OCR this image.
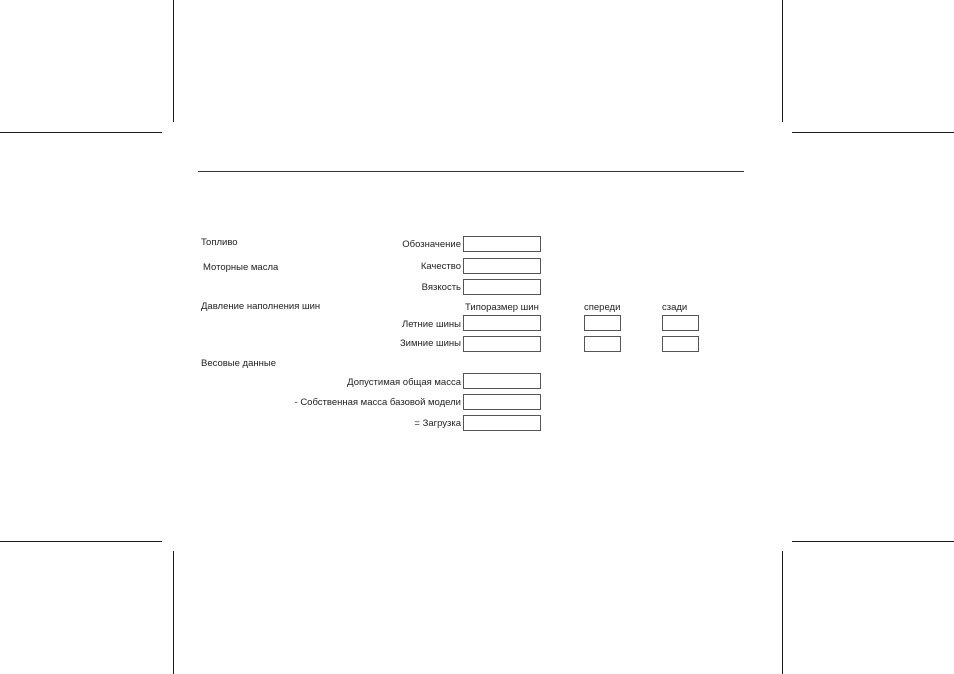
Топливо	Обозначение
Моторные масла	Качество
Вязкость
Давление наполнения шин	Типоразмер шин	спереди	сзади
Летние шины
Зимние шины
Весовые данные
Допустимая общая масса
- Собственная масса базовой модели
= Загрузка
